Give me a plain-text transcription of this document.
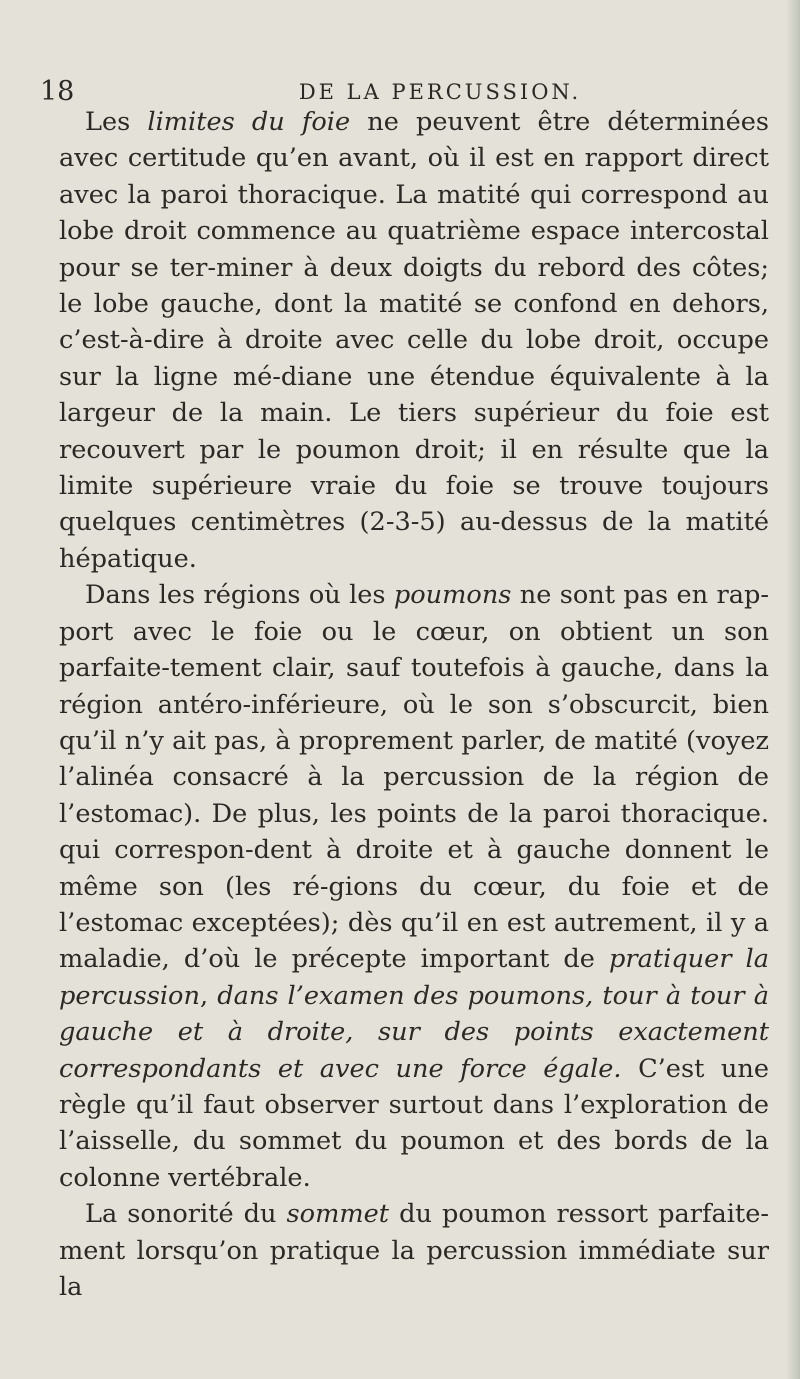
18	DE LA PERCUSSION.

Les limites du foie ne peuvent être déterminées avec certitude qu’en avant, où il est en rapport direct avec la paroi thoracique. La matité qui correspond au lobe droit commence au quatrième espace intercostal pour se ter-miner à deux doigts du rebord des côtes; le lobe gauche, dont la matité se confond en dehors, c’est-à-dire à droite avec celle du lobe droit, occupe sur la ligne mé-diane une étendue équivalente à la largeur de la main. Le tiers supérieur du foie est recouvert par le poumon droit; il en résulte que la limite supérieure vraie du foie se trouve toujours quelques centimètres (2-3-5) au-dessus de la matité hépatique.

Dans les régions où les poumons ne sont pas en rap-port avec le foie ou le cœur, on obtient un son parfaite-tement clair, sauf toutefois à gauche, dans la région antéro-inférieure, où le son s’obscurcit, bien qu’il n’y ait pas, à proprement parler, de matité (voyez l’alinéa consacré à la percussion de la région de l’estomac). De plus, les points de la paroi thoracique. qui correspon-dent à droite et à gauche donnent le même son (les ré-gions du cœur, du foie et de l’estomac exceptées); dès qu’il en est autrement, il y a maladie, d’où le précepte important de pratiquer la percussion, dans l’examen des poumons, tour à tour à gauche et à droite, sur des points exactement correspondants et avec une force égale. C’est une règle qu’il faut observer surtout dans l’exploration de l’aisselle, du sommet du poumon et des bords de la colonne vertébrale.

La sonorité du sommet du poumon ressort parfaite-ment lorsqu’on pratique la percussion immédiate sur la
